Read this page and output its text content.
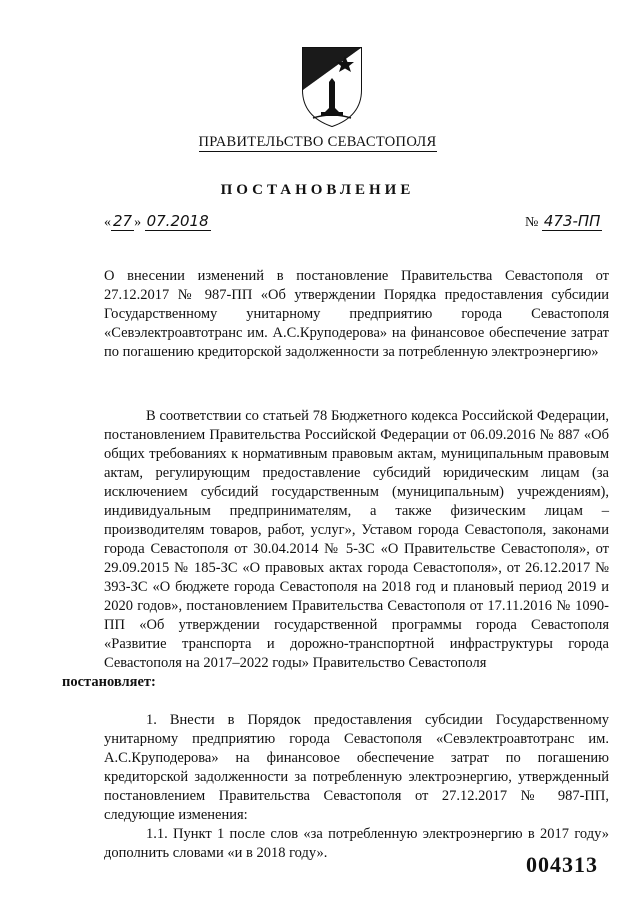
ПРАВИТЕЛЬСТВО СЕВАСТОПОЛЯ
ПОСТАНОВЛЕНИЕ
« 27 » 07.2018	№ 473-ПП
О внесении изменений в постановление Правительства Севастополя от 27.12.2017 № 987-ПП «Об утверждении Порядка предоставления субсидии Государственному унитарному предприятию города Севастополя «Севэлектроавтотранс им. А.С.Круподерова» на финансовое обеспечение затрат по погашению кредиторской задолженности за потребленную электроэнергию»

В соответствии со статьей 78 Бюджетного кодекса Российской Федерации, постановлением Правительства Российской Федерации от 06.09.2016 № 887 «Об общих требованиях к нормативным правовым актам, муниципальным правовым актам, регулирующим предоставление субсидий юридическим лицам (за исключением субсидий государственным (муниципальным) учреждениям), индивидуальным предпринимателям, а также физическим лицам – производителям товаров, работ, услуг», Уставом города Севастополя, законами города Севастополя от 30.04.2014 № 5-ЗС «О Правительстве Севастополя», от 29.09.2015 № 185-ЗС «О правовых актах города Севастополя», от 26.12.2017 № 393-ЗС «О бюджете города Севастополя на 2018 год и плановый период 2019 и 2020 годов», постановлением Правительства Севастополя от 17.11.2016 № 1090-ПП «Об утверждении государственной программы города Севастополя «Развитие транспорта и дорожно-транспортной инфраструктуры города Севастополя на 2017–2022 годы» Правительство Севастополя
постановляет:

1. Внести в Порядок предоставления субсидии Государственному унитарному предприятию города Севастополя «Севэлектроавтотранс им. А.С.Круподерова» на финансовое обеспечение затрат по погашению кредиторской задолженности за потребленную электроэнергию, утвержденный постановлением Правительства Севастополя от 27.12.2017 № 987-ПП, следующие изменения:

1.1. Пункт 1 после слов «за потребленную электроэнергию в 2017 году» дополнить словами «и в 2018 году».	004313
